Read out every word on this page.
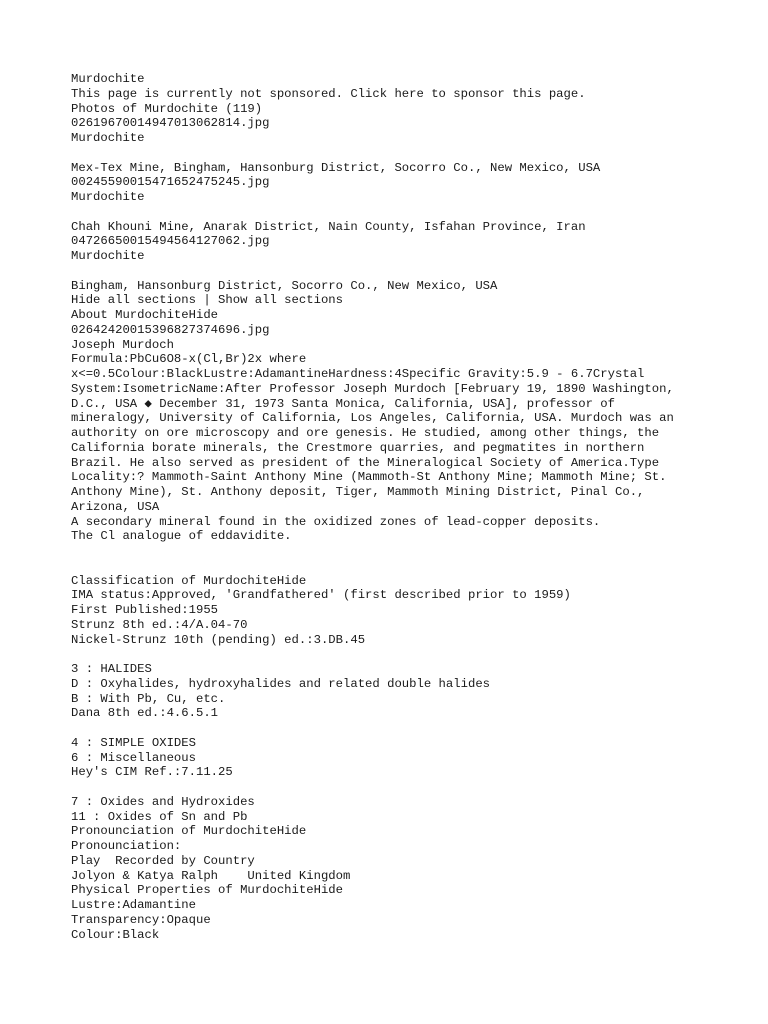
Murdochite
This page is currently not sponsored. Click here to sponsor this page.
Photos of Murdochite (119)
02619670014947013062814.jpg
Murdochite
Mex-Tex Mine, Bingham, Hansonburg District, Socorro Co., New Mexico, USA
00245590015471652475245.jpg
Murdochite
Chah Khouni Mine, Anarak District, Nain County, Isfahan Province, Iran
04726650015494564127062.jpg
Murdochite
Bingham, Hansonburg District, Socorro Co., New Mexico, USA
Hide all sections | Show all sections
About MurdochiteHide
02642420015396827374696.jpg
Joseph Murdoch
Formula:PbCu6O8-x(Cl,Br)2x where
x<=0.5Colour:BlackLustre:AdamantineHardness:4Specific Gravity:5.9 - 6.7Crystal System:IsometricName:After Professor Joseph Murdoch [February 19, 1890 Washington, D.C., USA ◆ December 31, 1973 Santa Monica, California, USA], professor of mineralogy, University of California, Los Angeles, California, USA. Murdoch was an authority on ore microscopy and ore genesis. He studied, among other things, the California borate minerals, the Crestmore quarries, and pegmatites in northern Brazil. He also served as president of the Mineralogical Society of America.Type Locality:? Mammoth-Saint Anthony Mine (Mammoth-St Anthony Mine; Mammoth Mine; St. Anthony Mine), St. Anthony deposit, Tiger, Mammoth Mining District, Pinal Co., Arizona, USA
A secondary mineral found in the oxidized zones of lead-copper deposits.
The Cl analogue of eddavidite.
Classification of MurdochiteHide
IMA status:Approved, 'Grandfathered' (first described prior to 1959)
First Published:1955
Strunz 8th ed.:4/A.04-70
Nickel-Strunz 10th (pending) ed.:3.DB.45
3 : HALIDES
D : Oxyhalides, hydroxyhalides and related double halides
B : With Pb, Cu, etc.
Dana 8th ed.:4.6.5.1
4 : SIMPLE OXIDES
6 : Miscellaneous
Hey's CIM Ref.:7.11.25
7 : Oxides and Hydroxides
11 : Oxides of Sn and Pb
Pronounciation of MurdochiteHide
Pronounciation:
Play  Recorded by Country
Jolyon & Katya Ralph    United Kingdom
Physical Properties of MurdochiteHide
Lustre:Adamantine
Transparency:Opaque
Colour:Black
